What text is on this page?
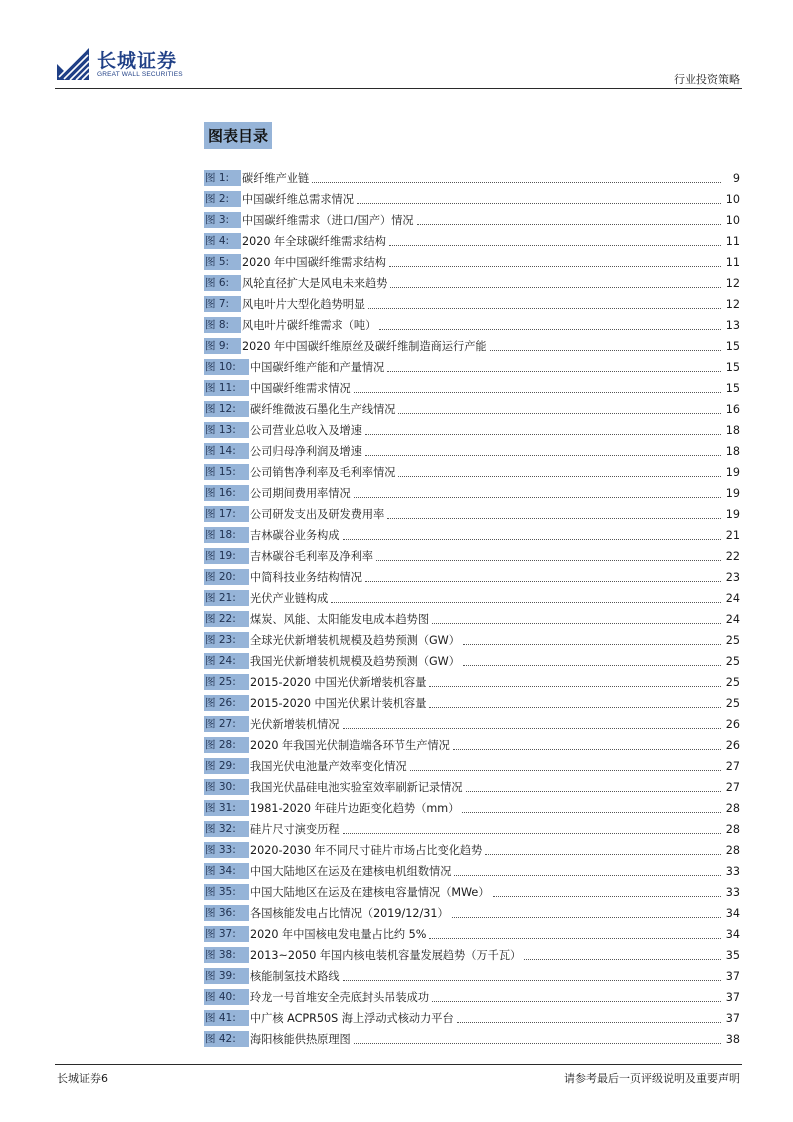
长城证券
GREAT WALL SECURITIES	行业投资策略
图表目录
图 1:	碳纤维产业链	9
图 2:	中国碳纤维总需求情况	10
图 3:	中国碳纤维需求（进口/国产）情况	10
图 4:	2020 年全球碳纤维需求结构	11
图 5:	2020 年中国碳纤维需求结构	11
图 6:	风轮直径扩大是风电未来趋势	12
图 7:	风电叶片大型化趋势明显	12
图 8:	风电叶片碳纤维需求（吨）	13
图 9:	2020 年中国碳纤维原丝及碳纤维制造商运行产能	15
图 10:	中国碳纤维产能和产量情况	15
图 11:	中国碳纤维需求情况	15
图 12:	碳纤维微波石墨化生产线情况	16
图 13:	公司营业总收入及增速	18
图 14:	公司归母净利润及增速	18
图 15:	公司销售净利率及毛利率情况	19
图 16:	公司期间费用率情况	19
图 17:	公司研发支出及研发费用率	19
图 18:	吉林碳谷业务构成	21
图 19:	吉林碳谷毛利率及净利率	22
图 20:	中简科技业务结构情况	23
图 21:	光伏产业链构成	24
图 22:	煤炭、风能、太阳能发电成本趋势图	24
图 23:	全球光伏新增装机规模及趋势预测（GW）	25
图 24:	我国光伏新增装机规模及趋势预测（GW）	25
图 25:	2015-2020 中国光伏新增装机容量	25
图 26:	2015-2020 中国光伏累计装机容量	25
图 27:	光伏新增装机情况	26
图 28:	2020 年我国光伏制造端各环节生产情况	26
图 29:	我国光伏电池量产效率变化情况	27
图 30:	我国光伏晶硅电池实验室效率刷新记录情况	27
图 31:	1981-2020 年硅片边距变化趋势（mm）	28
图 32:	硅片尺寸演变历程	28
图 33:	2020-2030 年不同尺寸硅片市场占比变化趋势	28
图 34:	中国大陆地区在运及在建核电机组数情况	33
图 35:	中国大陆地区在运及在建核电容量情况（MWe）	33
图 36:	各国核能发电占比情况（2019/12/31）	34
图 37:	2020 年中国核电发电量占比约 5%	34
图 38:	2013~2050 年国内核电装机容量发展趋势（万千瓦）	35
图 39:	核能制氢技术路线	37
图 40:	玲龙一号首堆安全壳底封头吊装成功	37
图 41:	中广核 ACPR50S 海上浮动式核动力平台	37
图 42:	海阳核能供热原理图	38
长城证券6	请参考最后一页评级说明及重要声明
